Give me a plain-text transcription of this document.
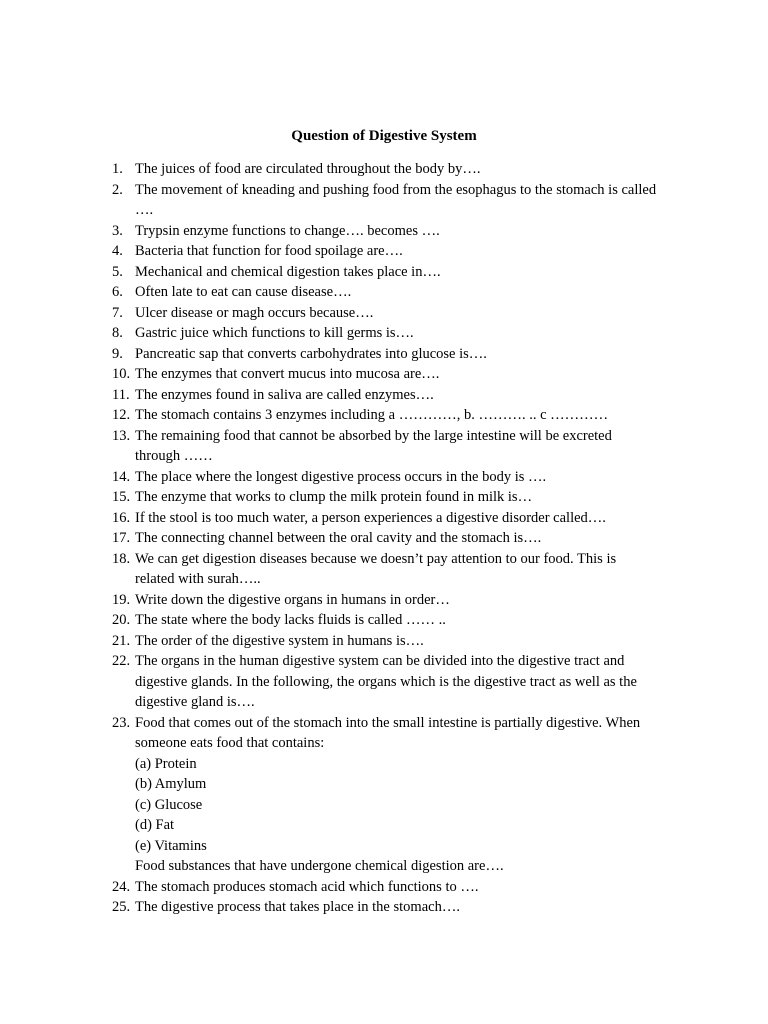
Question of Digestive System
1. The juices of food are circulated throughout the body by….
2. The movement of kneading and pushing food from the esophagus to the stomach is called
….
3. Trypsin enzyme functions to change…. becomes ….
4. Bacteria that function for food spoilage are….
5. Mechanical and chemical digestion takes place in….
6. Often late to eat can cause disease….
7. Ulcer disease or magh occurs because….
8. Gastric juice which functions to kill germs is….
9. Pancreatic sap that converts carbohydrates into glucose is….
10. The enzymes that convert mucus into mucosa are….
11. The enzymes found in saliva are called enzymes….
12. The stomach contains 3 enzymes including a …………, b. ………. .. c …………
13. The remaining food that cannot be absorbed by the large intestine will be excreted
through ……
14. The place where the longest digestive process occurs in the body is ….
15. The enzyme that works to clump the milk protein found in milk is…
16. If the stool is too much water, a person experiences a digestive disorder called….
17. The connecting channel between the oral cavity and the stomach is….
18. We can get digestion diseases because we doesn’t pay attention to our food. This is
related with surah…..
19. Write down the digestive organs in humans in order…
20. The state where the body lacks fluids is called …… ..
21. The order of the digestive system in humans is….
22. The organs in the human digestive system can be divided into the digestive tract and
digestive glands. In the following, the organs which is the digestive tract as well as the
digestive gland is….
23. Food that comes out of the stomach into the small intestine is partially digestive. When
someone eats food that contains:
(a) Protein
(b) Amylum
(c) Glucose
(d) Fat
(e) Vitamins
Food substances that have undergone chemical digestion are….
24. The stomach produces stomach acid which functions to ….
25. The digestive process that takes place in the stomach….
